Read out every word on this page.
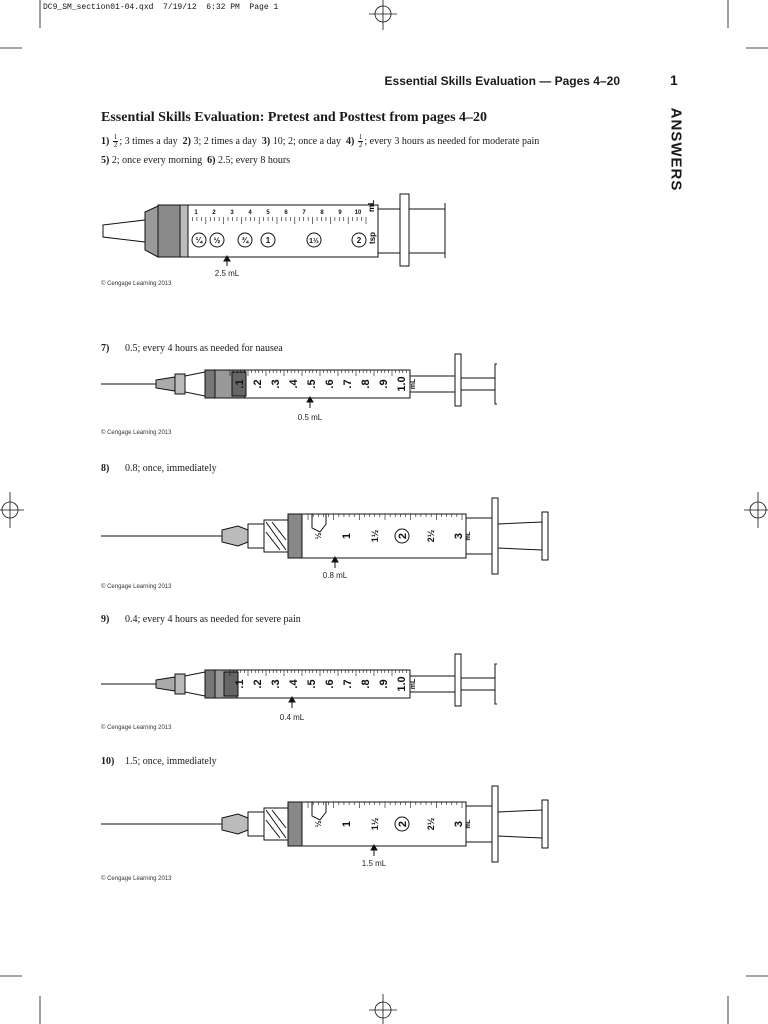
DC9_SM_section01-04.qxd  7/19/12  6:32 PM  Page 1
Essential Skills Evaluation — Pages 4–20	1
ANSWERS
Essential Skills Evaluation: Pretest and Posttest from pages 4–20
$1) \frac{1}{2}$ ; 3 times a day 2) 3; 2 times a day 3) 10; 2; once a day $4) \frac{1}{2}$ ; every 3 hours as needed for moderate pain
5) 2; once every morning 6) 2.5; every 8 hours
© Cengage Learning 2013
7) 0.5; every 4 hours as needed for nausea
© Cengage Learning 2013
8) 0.8; once, immediately
© Cengage Learning 2013
9) 0.4; every 4 hours as needed for severe pain
© Cengage Learning 2013
10) 1.5; once, immediately
© Cengage Learning 2013
1 2 3 4 5 6 7 8 9 10
mL
¼ ½	¾ 1	1½	2 tsp
2.5 mL
.1 .2 .3 .4 .5 .6 .7 .8 .9 1.0 mL
0.5 mL
½ 1 1½ 2 2½ 3 mL
0.8 mL
.1 .2 .3 .4 .5 .6 .7 .8 .9 1.0 mL
0.4 mL
½ 1 1½ 2 2½ 3 mL
1.5 mL
